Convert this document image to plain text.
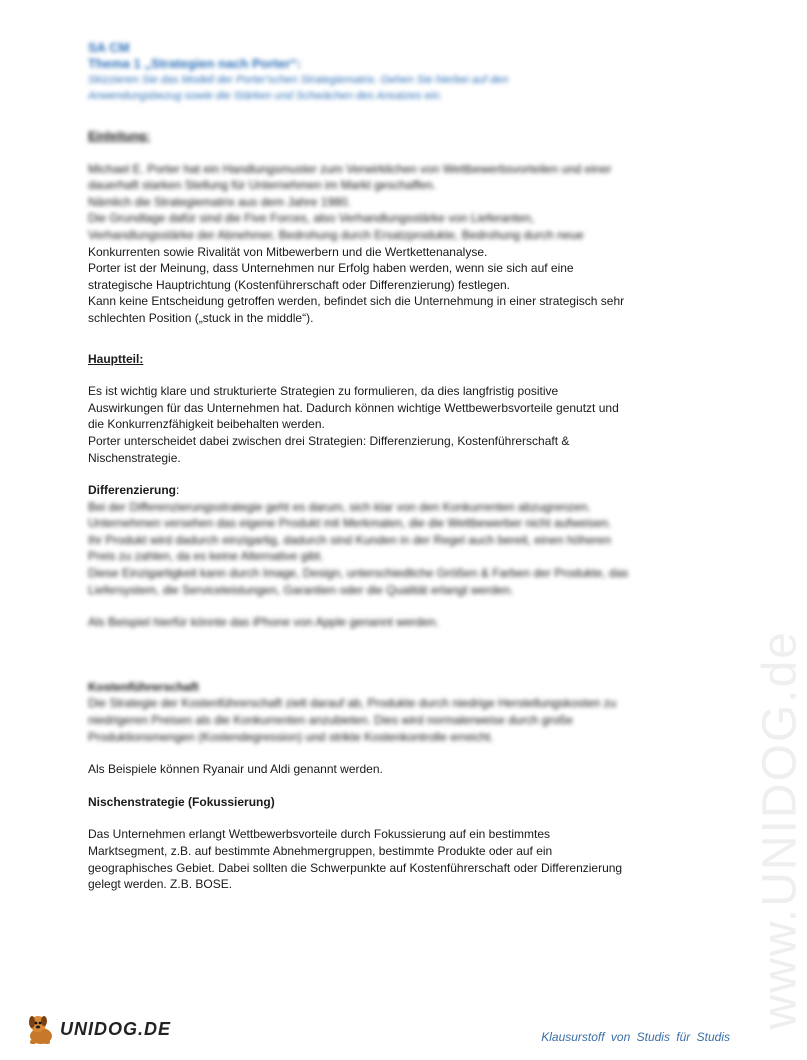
SA CM

Thema 1 „Strategien nach Porter“:

Skizzieren Sie das Modell der Porter'schen Strategiematrix. Gehen Sie hierbei auf den

Anwendungsbezug sowie die Stärken und Schwächen des Ansatzes ein.

Einleitung:

Michael E. Porter hat ein Handlungsmuster zum Verwirklichen von Wettbewerbsvorteilen und einer

dauerhaft starken Stellung für Unternehmen im Markt geschaffen.

Nämlich die Strategiematrix aus dem Jahre 1980.

Die Grundlage dafür sind die Five Forces, also Verhandlungsstärke von Lieferanten,

Verhandlungsstärke der Abnehmer, Bedrohung durch Ersatzprodukte, Bedrohung durch neue

Konkurrenten sowie Rivalität von Mitbewerbern und die Wertkettenanalyse.

Porter ist der Meinung, dass Unternehmen nur Erfolg haben werden, wenn sie sich auf eine

strategische Hauptrichtung (Kostenführerschaft oder Differenzierung) festlegen.

Kann keine Entscheidung getroffen werden, befindet sich die Unternehmung in einer strategisch sehr

schlechten Position („stuck in the middle“).

Hauptteil:

Es ist wichtig klare und strukturierte Strategien zu formulieren, da dies langfristig positive

Auswirkungen für das Unternehmen hat. Dadurch können wichtige Wettbewerbsvorteile genutzt und

die Konkurrenzfähigkeit beibehalten werden.

Porter unterscheidet dabei zwischen drei Strategien: Differenzierung, Kostenführerschaft &

Nischenstrategie.

Differenzierung:

Bei der Differenzierungsstrategie geht es darum, sich klar von den Konkurrenten abzugrenzen.

Unternehmen versehen das eigene Produkt mit Merkmalen, die die Wettbewerber nicht aufweisen.

Ihr Produkt wird dadurch einzigartig, dadurch sind Kunden in der Regel auch bereit, einen höheren

Preis zu zahlen, da es keine Alternative gibt.

Diese Einzigartigkeit kann durch Image, Design, unterschiedliche Größen & Farben der Produkte, das

Liefersystem, die Serviceleistungen, Garantien oder die Qualität erlangt werden.

Als Beispiel hierfür könnte das iPhone von Apple genannt werden.

Kostenführerschaft

Die Strategie der Kostenführerschaft zielt darauf ab, Produkte durch niedrige Herstellungskosten zu

niedrigeren Preisen als die Konkurrenten anzubieten. Dies wird normalerweise durch große

Produktionsmengen (Kostendegression) und strikte Kostenkontrolle erreicht.

Als Beispiele können Ryanair und Aldi genannt werden.

Nischenstrategie (Fokussierung)

Das Unternehmen erlangt Wettbewerbsvorteile durch Fokussierung auf ein bestimmtes

Marktsegment, z.B. auf bestimmte Abnehmergruppen, bestimmte Produkte oder auf ein

geographisches Gebiet. Dabei sollten die Schwerpunkte auf Kostenführerschaft oder Differenzierung

gelegt werden. Z.B. BOSE.	www.UNIDOG.de
UNIDOG.DE	Klausurstoff von Studis für Studis
